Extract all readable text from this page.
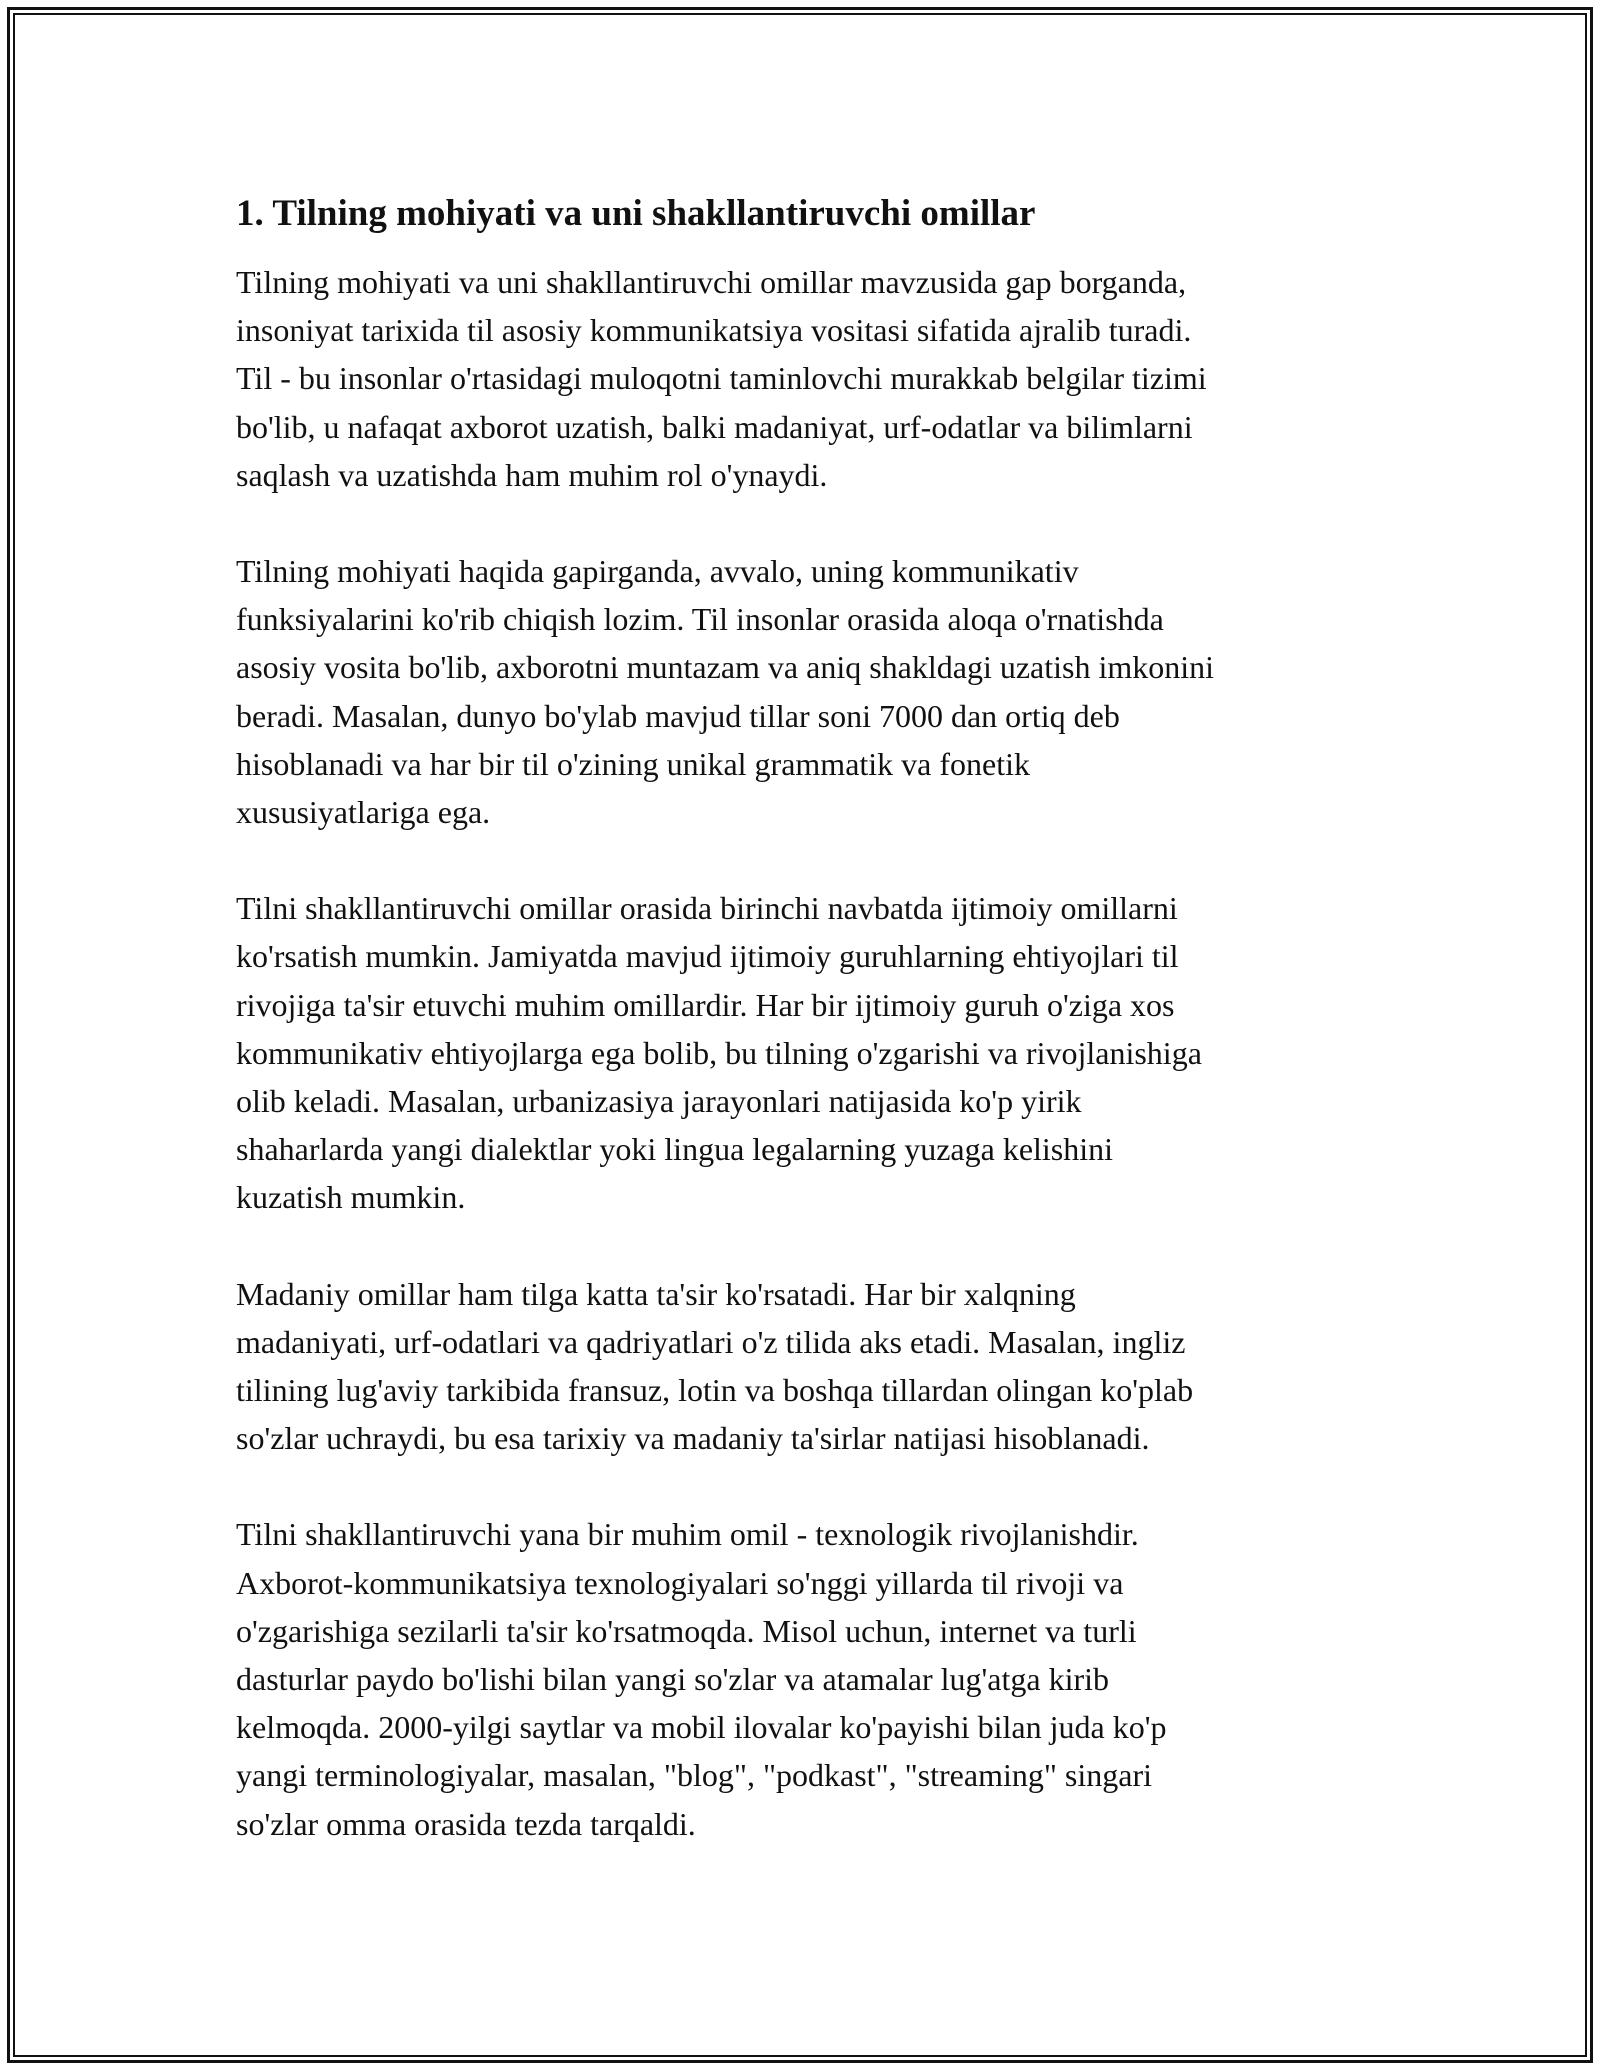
1. Tilning mohiyati va uni shakllantiruvchi omillar

Tilning mohiyati va uni shakllantiruvchi omillar mavzusida gap borganda,
insoniyat tarixida til asosiy kommunikatsiya vositasi sifatida ajralib turadi.
Til - bu insonlar o'rtasidagi muloqotni taminlovchi murakkab belgilar tizimi
bo'lib, u nafaqat axborot uzatish, balki madaniyat, urf-odatlar va bilimlarni
saqlash va uzatishda ham muhim rol o'ynaydi.

Tilning mohiyati haqida gapirganda, avvalo, uning kommunikativ
funksiyalarini ko'rib chiqish lozim. Til insonlar orasida aloqa o'rnatishda
asosiy vosita bo'lib, axborotni muntazam va aniq shakldagi uzatish imkonini
beradi. Masalan, dunyo bo'ylab mavjud tillar soni 7000 dan ortiq deb
hisoblanadi va har bir til o'zining unikal grammatik va fonetik
xususiyatlariga ega.

Tilni shakllantiruvchi omillar orasida birinchi navbatda ijtimoiy omillarni
ko'rsatish mumkin. Jamiyatda mavjud ijtimoiy guruhlarning ehtiyojlari til
rivojiga ta'sir etuvchi muhim omillardir. Har bir ijtimoiy guruh o'ziga xos
kommunikativ ehtiyojlarga ega bolib, bu tilning o'zgarishi va rivojlanishiga
olib keladi. Masalan, urbanizasiya jarayonlari natijasida ko'p yirik
shaharlarda yangi dialektlar yoki lingua legalarning yuzaga kelishini
kuzatish mumkin.

Madaniy omillar ham tilga katta ta'sir ko'rsatadi. Har bir xalqning
madaniyati, urf-odatlari va qadriyatlari o'z tilida aks etadi. Masalan, ingliz
tilining lug'aviy tarkibida fransuz, lotin va boshqa tillardan olingan ko'plab
so'zlar uchraydi, bu esa tarixiy va madaniy ta'sirlar natijasi hisoblanadi.

Tilni shakllantiruvchi yana bir muhim omil - texnologik rivojlanishdir.
Axborot-kommunikatsiya texnologiyalari so'nggi yillarda til rivoji va
o'zgarishiga sezilarli ta'sir ko'rsatmoqda. Misol uchun, internet va turli
dasturlar paydo bo'lishi bilan yangi so'zlar va atamalar lug'atga kirib
kelmoqda. 2000-yilgi saytlar va mobil ilovalar ko'payishi bilan juda ko'p
yangi terminologiyalar, masalan, "blog", "podkast", "streaming" singari
so'zlar omma orasida tezda tarqaldi.
